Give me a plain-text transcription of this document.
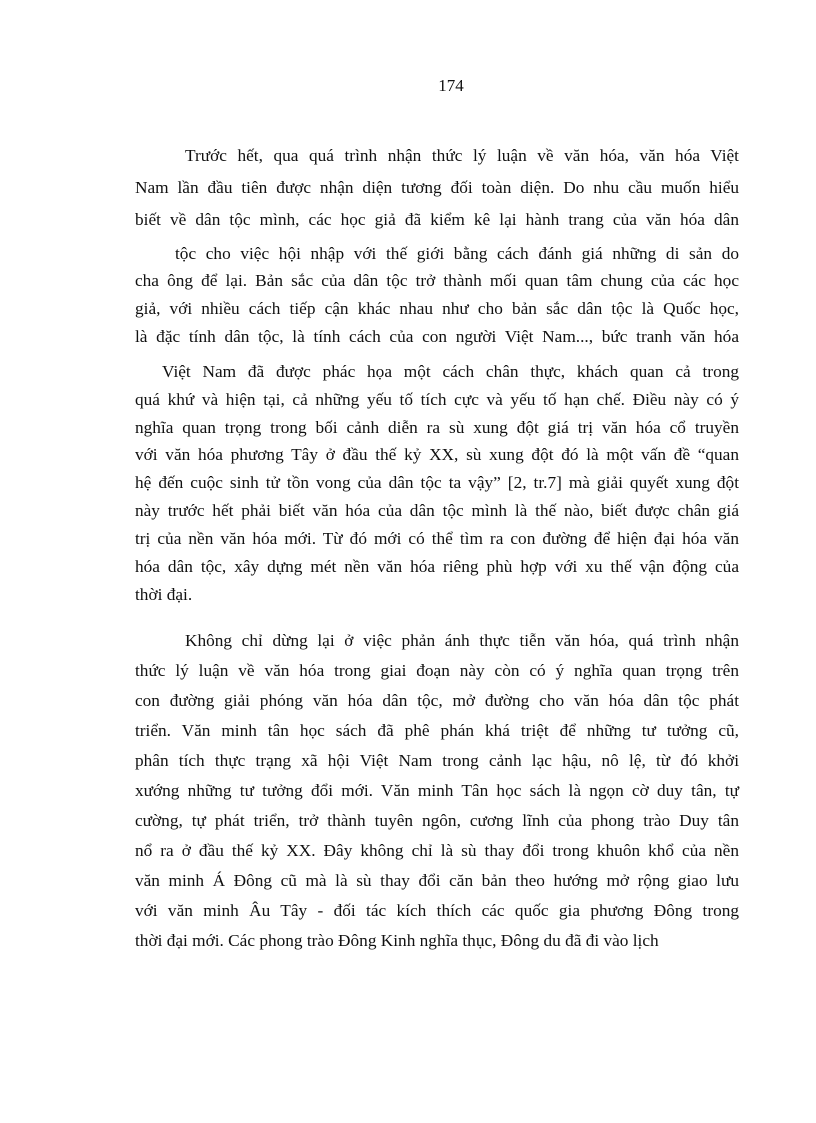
174
Trước hết, qua quá trình nhận thức lý luận về văn hóa, văn hóa Việt
Nam lần đầu tiên được nhận diện tương đối toàn diện. Do nhu cầu muốn hiểu
biết về dân tộc mình, các học giả đã kiểm kê lại hành trang của văn hóa dân
tộc cho việc hội nhập với thế giới bằng cách đánh giá những di sản do
cha ông để lại. Bản sắc của dân tộc trở thành mối quan tâm chung của các học
giả, với nhiều cách tiếp cận khác nhau như cho bản sắc dân tộc là Quốc học,
là đặc tính dân tộc, là tính cách của con người Việt Nam..., bức tranh văn hóa
Việt Nam đã được phác họa một cách chân thực, khách quan cả trong
quá khứ và hiện tại, cả những yếu tố tích cực và yếu tố hạn chế. Điều này có ý
nghĩa quan trọng trong bối cảnh diễn ra sù xung đột giá trị văn hóa cổ truyền
với văn hóa phương Tây ở đầu thế kỷ XX, sù xung đột đó là một vấn đề “quan
hệ đến cuộc sinh tử tồn vong của dân tộc ta vậy” [2, tr.7] mà giải quyết xung đột
này trước hết phải biết văn hóa của dân tộc mình là thế nào, biết được chân giá
trị của nền văn hóa mới. Từ đó mới có thể tìm ra con đường để hiện đại hóa văn
hóa dân tộc, xây dựng mét nền văn hóa riêng phù hợp với xu thế vận động của
thời đại.
Không chỉ dừng lại ở việc phản ánh thực tiễn văn hóa, quá trình nhận
thức lý luận về văn hóa trong giai đoạn này còn có ý nghĩa quan trọng trên
con đường giải phóng văn hóa dân tộc, mở đường cho văn hóa dân tộc phát
triển. Văn minh tân học sách đã phê phán khá triệt để những tư tưởng cũ,
phân tích thực trạng xã hội Việt Nam trong cảnh lạc hậu, nô lệ, từ đó khởi
xướng những tư tưởng đổi mới. Văn minh Tân học sách là ngọn cờ duy tân, tự
cường, tự phát triển, trở thành tuyên ngôn, cương lĩnh của phong trào Duy tân
nổ ra ở đầu thế kỷ XX. Đây không chỉ là sù thay đổi trong khuôn khổ của nền
văn minh Á Đông cũ mà là sù thay đổi căn bản theo hướng mở rộng giao lưu
với văn minh Âu Tây - đối tác kích thích các quốc gia phương Đông trong
thời đại mới. Các phong trào Đông Kinh nghĩa thục, Đông du đã đi vào lịch
